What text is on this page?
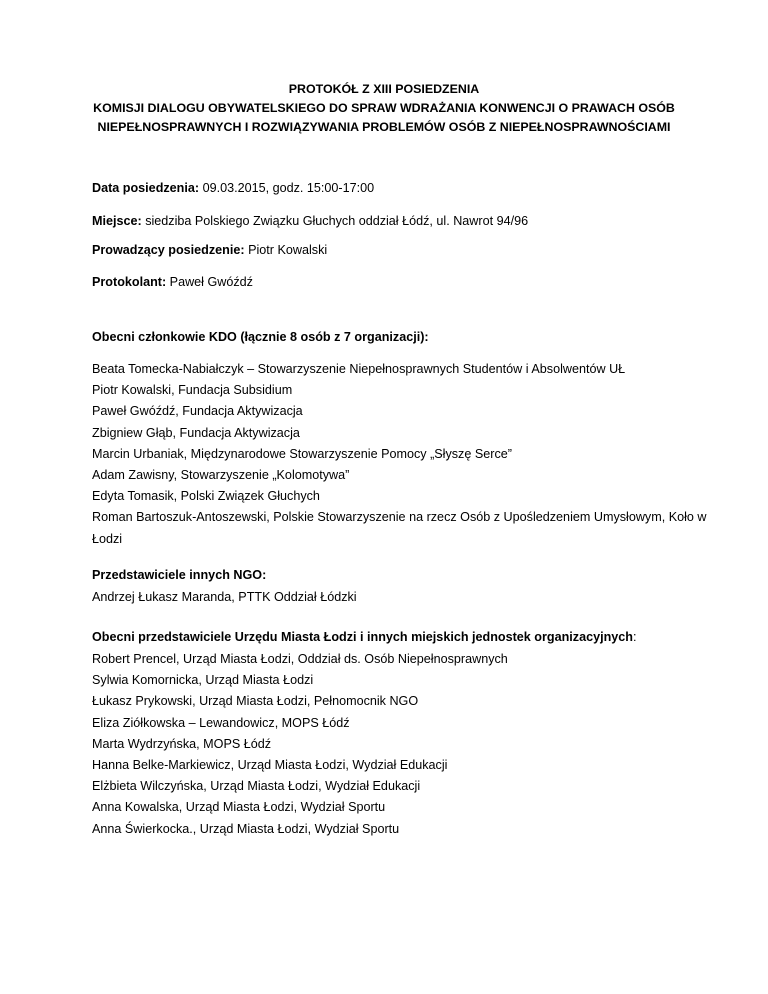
PROTOKÓŁ Z XIII POSIEDZENIA
KOMISJI DIALOGU OBYWATELSKIEGO DO SPRAW WDRAŻANIA KONWENCJI O PRAWACH OSÓB
NIEPEŁNOSPRAWNYCH I ROZWIĄZYWANIA PROBLEMÓW OSÓB Z NIEPEŁNOSPRAWNOŚCIAMI
Data posiedzenia: 09.03.2015, godz. 15:00-17:00
Miejsce: siedziba Polskiego Związku Głuchych oddział Łódź, ul. Nawrot 94/96
Prowadzący posiedzenie: Piotr Kowalski
Protokolant: Paweł Gwóźdź
Obecni członkowie KDO (łącznie 8 osób z 7 organizacji):
Beata Tomecka-Nabiałczyk – Stowarzyszenie Niepełnosprawnych Studentów i Absolwentów UŁ
Piotr Kowalski, Fundacja Subsidium
Paweł Gwóźdź, Fundacja Aktywizacja
Zbigniew Głąb, Fundacja Aktywizacja
Marcin Urbaniak, Międzynarodowe Stowarzyszenie Pomocy „Słyszę Serce”
Adam Zawisny, Stowarzyszenie „Kolomotywa”
Edyta Tomasik, Polski Związek Głuchych
Roman Bartoszuk-Antoszewski, Polskie Stowarzyszenie na rzecz Osób z Upośledzeniem Umysłowym, Koło w Łodzi
Przedstawiciele innych NGO:
Andrzej Łukasz Maranda, PTTK Oddział Łódzki
Obecni przedstawiciele Urzędu Miasta Łodzi i innych miejskich jednostek organizacyjnych:
Robert Prencel, Urząd Miasta Łodzi, Oddział ds. Osób Niepełnosprawnych
Sylwia Komornicka, Urząd Miasta Łodzi
Łukasz Prykowski, Urząd Miasta Łodzi, Pełnomocnik NGO
Eliza Ziółkowska – Lewandowicz, MOPS Łódź
Marta Wydrzyńska, MOPS Łódź
Hanna Belke-Markiewicz, Urząd Miasta Łodzi, Wydział Edukacji
Elżbieta Wilczyńska, Urząd Miasta Łodzi, Wydział Edukacji
Anna Kowalska, Urząd Miasta Łodzi, Wydział Sportu
Anna Świerkocka., Urząd Miasta Łodzi, Wydział Sportu
